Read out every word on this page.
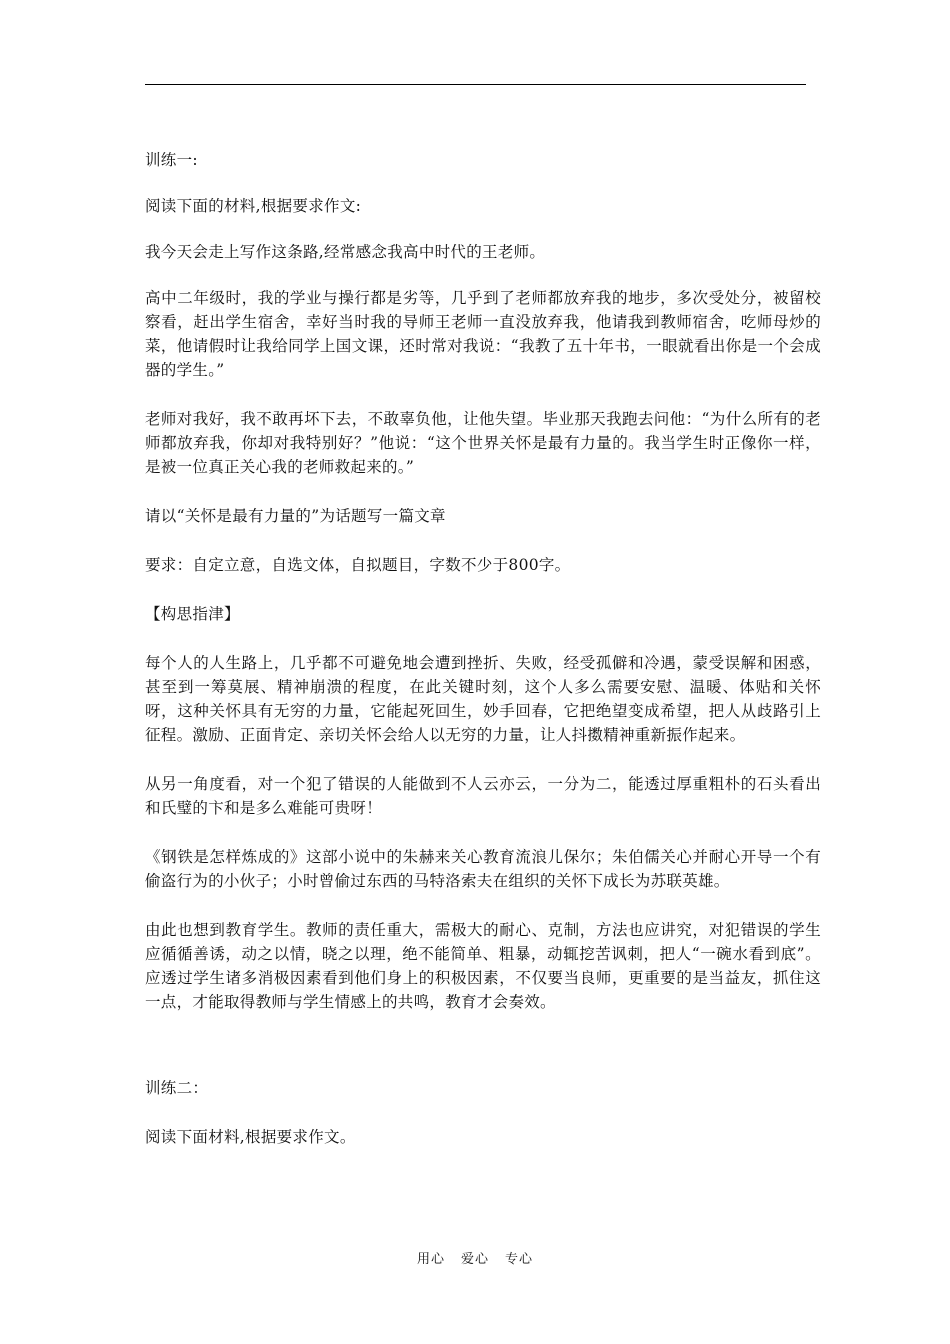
训练一:

阅读下面的材料,根据要求作文:

我今天会走上写作这条路,经常感念我高中时代的王老师。

高中二年级时，我的学业与操行都是劣等，几乎到了老师都放弃我的地步，多次受处分，被留校察看，赶出学生宿舍，幸好当时我的导师王老师一直没放弃我，他请我到教师宿舍，吃师母炒的菜，他请假时让我给同学上国文课，还时常对我说：“我教了五十年书，一眼就看出你是一个会成器的学生。”

老师对我好，我不敢再坏下去，不敢辜负他，让他失望。毕业那天我跑去问他：“为什么所有的老师都放弃我，你却对我特别好？”他说：“这个世界关怀是最有力量的。我当学生时正像你一样，是被一位真正关心我的老师救起来的。”

请以“关怀是最有力量的”为话题写一篇文章

要求：自定立意，自选文体，自拟题目，字数不少于800字。

【构思指津】

每个人的人生路上，几乎都不可避免地会遭到挫折、失败，经受孤僻和冷遇，蒙受误解和困惑，甚至到一筹莫展、精神崩溃的程度，在此关键时刻，这个人多么需要安慰、温暖、体贴和关怀呀，这种关怀具有无穷的力量，它能起死回生，妙手回春，它把绝望变成希望，把人从歧路引上征程。激励、正面肯定、亲切关怀会给人以无穷的力量，让人抖擞精神重新振作起来。

从另一角度看，对一个犯了错误的人能做到不人云亦云，一分为二，能透过厚重粗朴的石头看出和氏璧的卞和是多么难能可贵呀！

《钢铁是怎样炼成的》这部小说中的朱赫来关心教育流浪儿保尔；朱伯儒关心并耐心开导一个有偷盗行为的小伙子；小时曾偷过东西的马特洛索夫在组织的关怀下成长为苏联英雄。

由此也想到教育学生。教师的责任重大，需极大的耐心、克制，方法也应讲究，对犯错误的学生应循循善诱，动之以情，晓之以理，绝不能简单、粗暴，动辄挖苦讽刺，把人“一碗水看到底”。应透过学生诸多消极因素看到他们身上的积极因素，不仅要当良师，更重要的是当益友，抓住这一点，才能取得教师与学生情感上的共鸣，教育才会奏效。

训练二：

阅读下面材料,根据要求作文。

用心 爱心 专心
